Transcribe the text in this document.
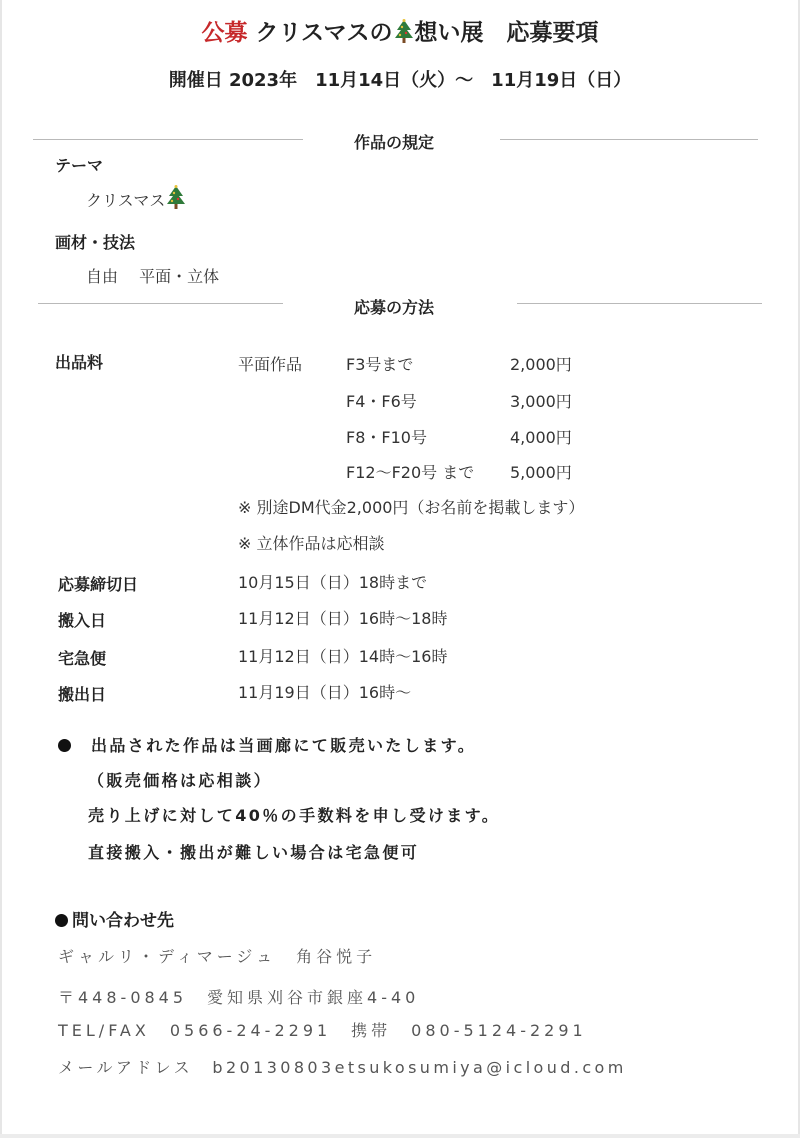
公募 クリスマスの 想い展　応募要項
開催日 2023年　11月14日（火）～　11月19日（日）
作品の規定
テーマ
クリスマス
画材・技法
自由　 平面・立体
応募の方法
出品料	平面作品	F3号まで	2,000円
F4・F6号	3,000円
F8・F10号	4,000円
F12～F20号 まで 5,000円
※ 別途DM代金2,000円（お名前を掲載します）
※ 立体作品は応相談
応募締切日	10月15日（日）18時まで
搬入日	11月12日（日）16時～18時
宅急便	11月12日（日）14時～16時
搬出日	11月19日（日）16時～
出品された作品は当画廊にて販売いたします。
（販売価格は応相談）
売り上げに対して40％の手数料を申し受けます。
直接搬入・搬出が難しい場合は宅急便可
問い合わせ先
ギャルリ・ディマージュ　角谷悦子
〒448-0845　愛知県刈谷市銀座4-40
TEL/FAX　0566-24-2291　携帯　080-5124-2291
メールアドレス　b20130803etsukosumiya@icloud.com
